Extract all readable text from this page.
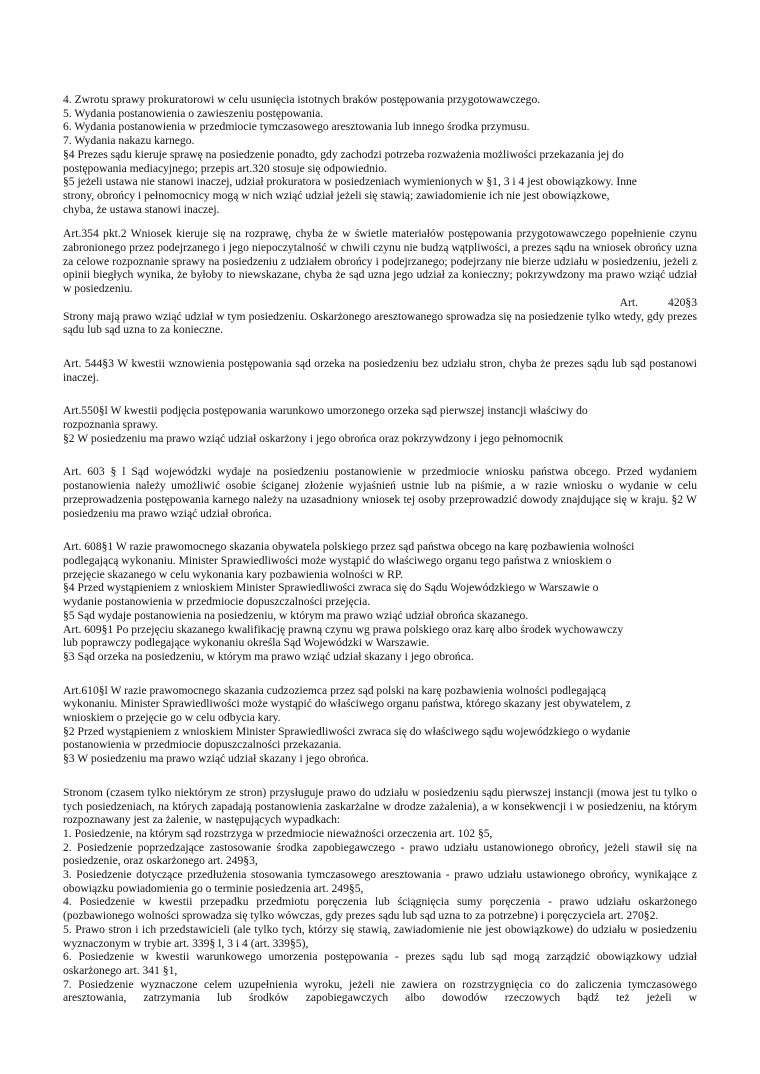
4. Zwrotu sprawy prokuratorowi w celu usunięcia istotnych braków postępowania przygotowawczego.

5. Wydania postanowienia o zawieszeniu postępowania.

6. Wydania postanowienia w przedmiocie tymczasowego aresztowania lub innego środka przymusu.

7. Wydania nakazu karnego.

§4 Prezes sądu kieruje sprawę na posiedzenie ponadto, gdy zachodzi potrzeba rozważenia możliwości przekazania jej do

postępowania mediacyjnego; przepis art.320 stosuje się odpowiednio.

§5 jeżeli ustawa nie stanowi inaczej, udział prokuratora w posiedzeniach wymienionych w §1, 3 i 4 jest obowiązkowy. Inne

strony, obrońcy i pełnomocnicy mogą w nich wziąć udział jeżeli się stawią; zawiadomienie ich nie jest obowiązkowe,

chyba, że ustawa stanowi inaczej.

Art.354 pkt.2 Wniosek kieruje się na rozprawę, chyba że w świetle materiałów postępowania przygotowawczego popełnienie czynu zabronionego przez podejrzanego i jego niepoczytalność w chwili czynu nie budzą wątpliwości, a prezes sądu na wniosek obrońcy uzna za celowe rozpoznanie sprawy na posiedzeniu z udziałem obrońcy i podejrzanego; podejrzany nie bierze udziału w posiedzeniu, jeżeli z opinii biegłych wynika, że byłoby to niewskazane, chyba że sąd uzna jego udział za konieczny; pokrzywdzony ma prawo wziąć udział w posiedzeniu.

Art.	420§3

Strony mają prawo wziąć udział w tym posiedzeniu. Oskarżonego aresztowanego sprowadza się na posiedzenie tylko wtedy, gdy prezes sądu lub sąd uzna to za konieczne.

Art. 544§3 W kwestii wznowienia postępowania sąd orzeka na posiedzeniu bez udziału stron, chyba że prezes sądu lub sąd postanowi inaczej.

Art.550§l W kwestii podjęcia postępowania warunkowo umorzonego orzeka sąd pierwszej instancji właściwy do

rozpoznania sprawy.

§2 W posiedzeniu ma prawo wziąć udział oskarżony i jego obrońca oraz pokrzywdzony i jego pełnomocnik

Art. 603 § l Sąd wojewódzki wydaje na posiedzeniu postanowienie w przedmiocie wniosku państwa obcego. Przed wydaniem postanowienia należy umożliwić osobie ściganej złożenie wyjaśnień ustnie lub na piśmie, a w razie wniosku o wydanie w celu przeprowadzenia postępowania karnego należy na uzasadniony wniosek tej osoby przeprowadzić dowody znajdujące się w kraju. §2 W posiedzeniu ma prawo wziąć udział obrońca.

Art. 608§1 W razie prawomocnego skazania obywatela polskiego przez sąd państwa obcego na karę pozbawienia wolności

podlegającą wykonaniu. Minister Sprawiedliwości może wystąpić do właściwego organu tego państwa z wnioskiem o

przejęcie skazanego w celu wykonania kary pozbawienia wolności w RP.

§4 Przed wystąpieniem z wnioskiem Minister Sprawiedliwości zwraca się do Sądu Wojewódzkiego w Warszawie o

wydanie postanowienia w przedmiocie dopuszczalności przejęcia.

§5 Sąd wydaje postanowienia na posiedzeniu, w którym ma prawo wziąć udział obrońca skazanego.

Art. 609§1 Po przejęciu skazanego kwalifikację prawną czynu wg prawa polskiego oraz karę albo środek wychowawczy

lub poprawczy podlegające wykonaniu określa Sąd Wojewódzki w Warszawie.

§3 Sąd orzeka na posiedzeniu, w którym ma prawo wziąć udział skazany i jego obrońca.

Art.610§l W razie prawomocnego skazania cudzoziemca przez sąd polski na karę pozbawienia wolności podlegającą

wykonaniu. Minister Sprawiedliwości może wystąpić do właściwego organu państwa, którego skazany jest obywatelem, z

wnioskiem o przejęcie go w celu odbycia kary.

§2 Przed wystąpieniem z wnioskiem Minister Sprawiedliwości zwraca się do właściwego sądu wojewódzkiego o wydanie

postanowienia w przedmiocie dopuszczalności przekazania.

§3 W posiedzeniu ma prawo wziąć udział skazany i jego obrońca.

Stronom (czasem tylko niektórym ze stron) przysługuje prawo do udziału w posiedzeniu sądu pierwszej instancji (mowa jest tu tylko o tych posiedzeniach, na których zapadają postanowienia zaskarżalne w drodze zażalenia), a w konsekwencji i w posiedzeniu, na którym rozpoznawany jest za żalenie, w następujących wypadkach:

1. Posiedzenie, na którym sąd rozstrzyga w przedmiocie nieważności orzeczenia art. 102 §5,

2. Posiedzenie poprzedzające zastosowanie środka zapobiegawczego - prawo udziału ustanowionego obrońcy, jeżeli stawił się na posiedzenie, oraz oskarżonego art. 249§3,

3. Posiedzenie dotyczące przedłużenia stosowania tymczasowego aresztowania - prawo udziału ustawionego obrońcy, wynikające z obowiązku powiadomienia go o terminie posiedzenia art. 249§5,

4. Posiedzenie w kwestii przepadku przedmiotu poręczenia lub ściągnięcia sumy poręczenia - prawo udziału oskarżonego (pozbawionego wolności sprowadza się tylko wówczas, gdy prezes sądu lub sąd uzna to za potrzebne) i poręczyciela art. 270§2.

5. Prawo stron i ich przedstawicieli (ale tylko tych, którzy się stawią, zawiadomienie nie jest obowiązkowe) do udziału w posiedzeniu wyznaczonym w trybie art. 339§ l, 3 i 4 (art. 339§5),

6. Posiedzenie w kwestii warunkowego umorzenia postępowania - prezes sądu lub sąd mogą zarządzić obowiązkowy udział oskarżonego art. 341 §1,

7. Posiedzenie wyznaczone celem uzupełnienia wyroku, jeżeli nie zawiera on rozstrzygnięcia co do zaliczenia tymczasowego aresztowania, zatrzymania lub środków zapobiegawczych albo dowodów rzeczowych bądź też jeżeli w
